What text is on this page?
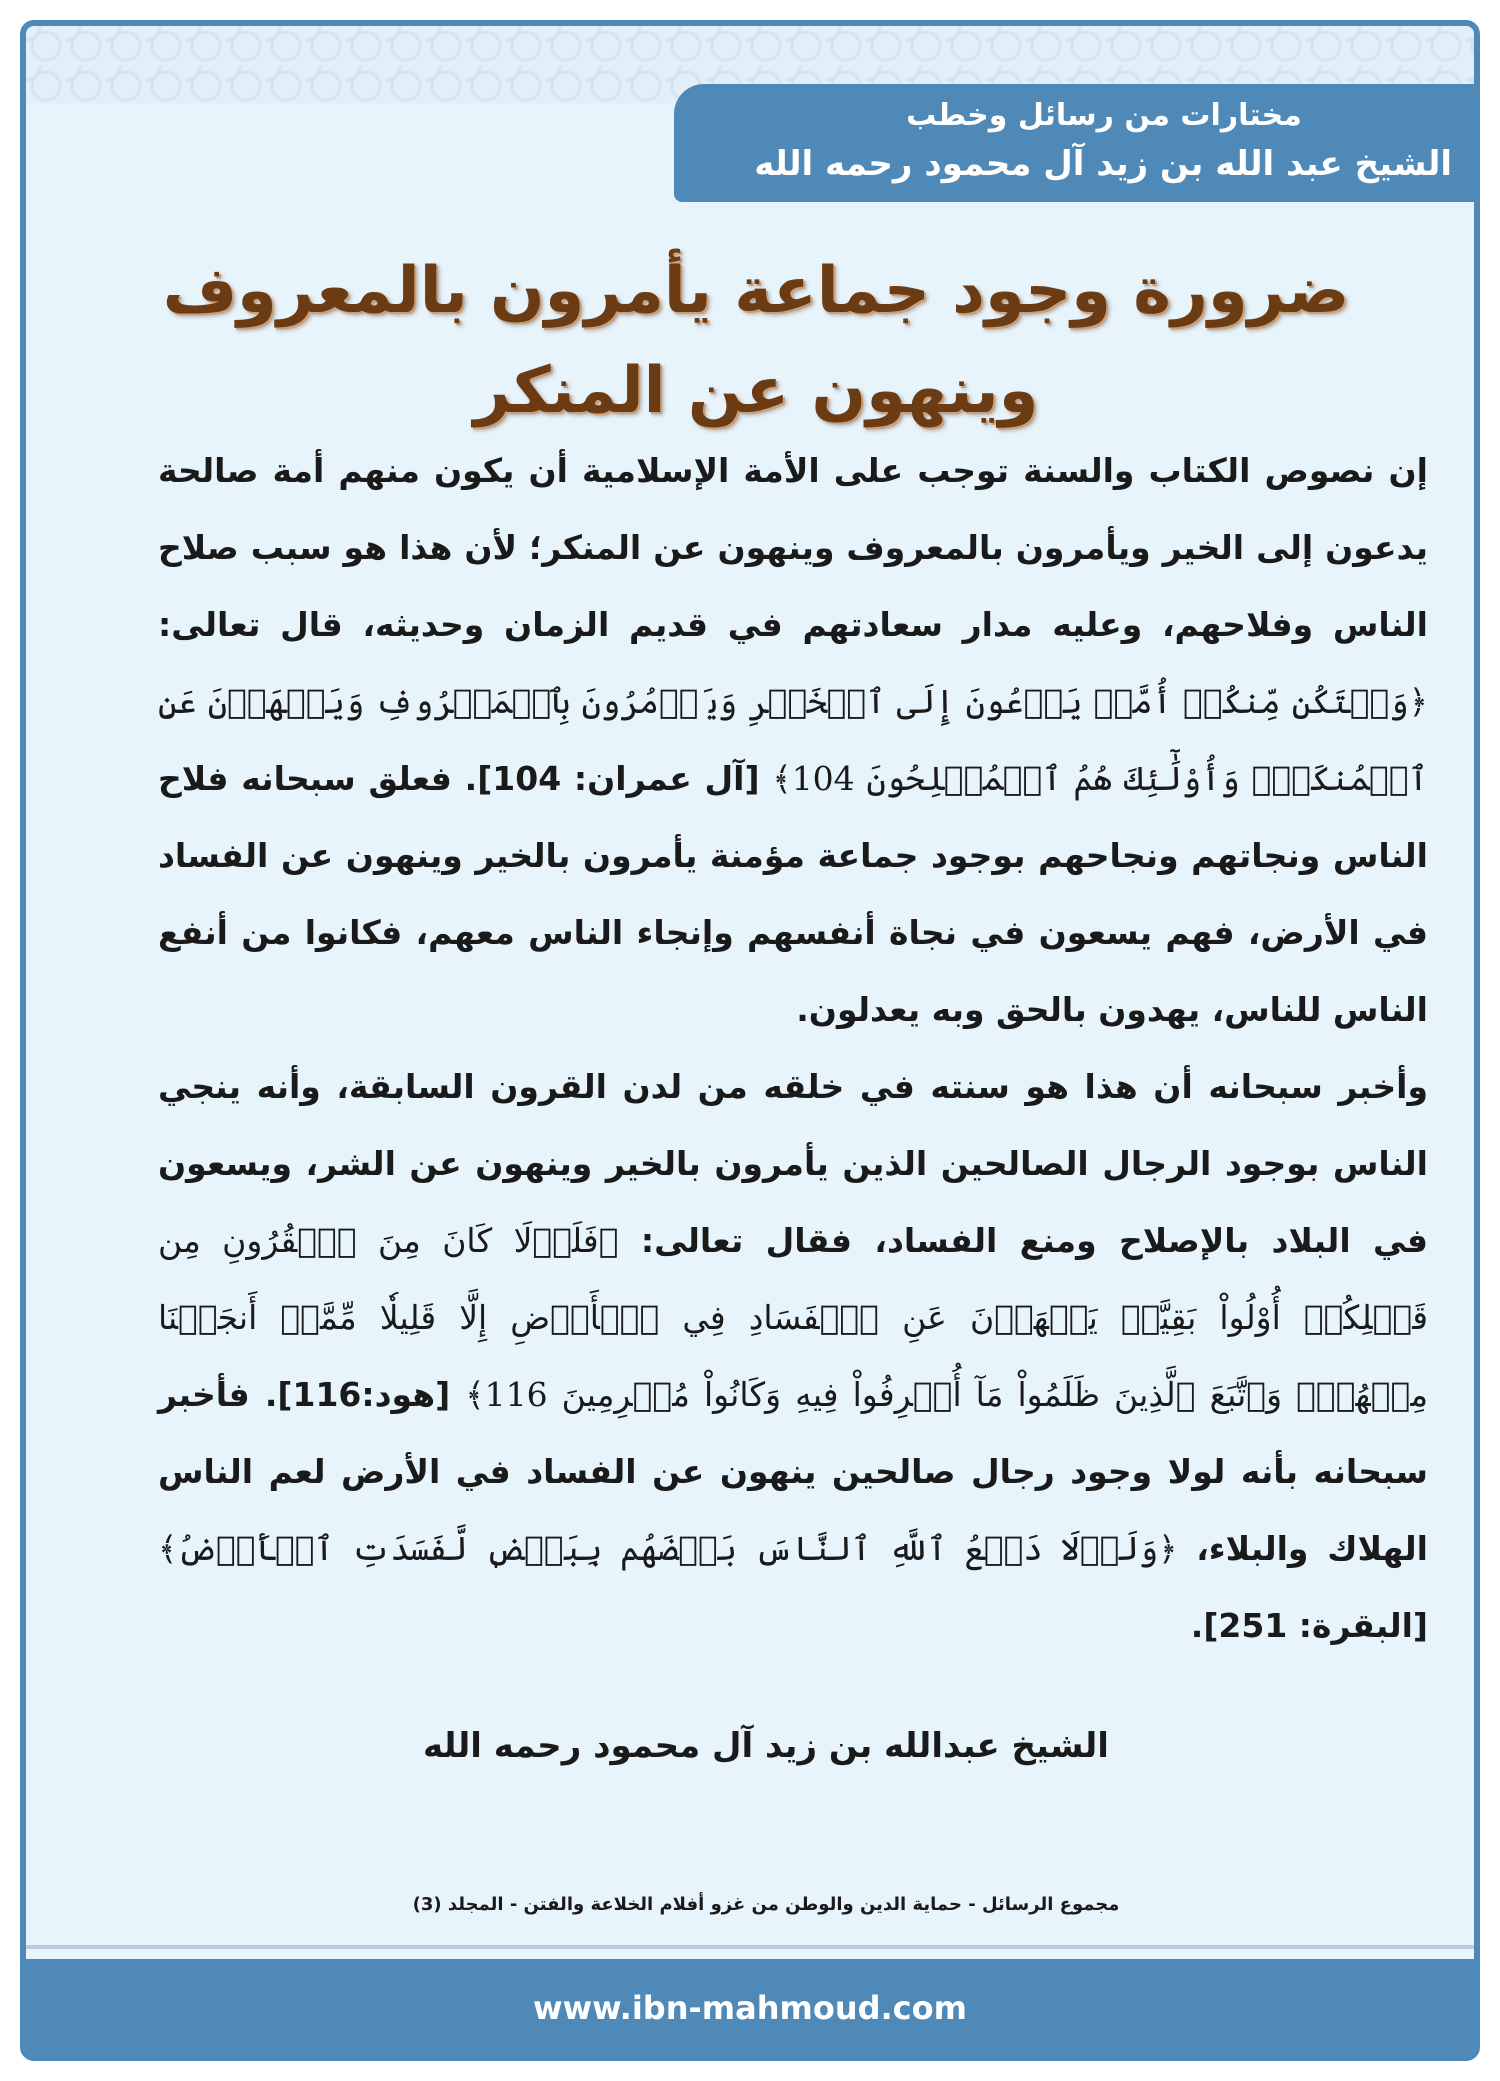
مختارات من رسائل وخطب
الشيخ عبد الله بن زيد آل محمود رحمه الله
ضرورة وجود جماعة يأمرون بالمعروف وينهون عن المنكر

إن نصوص الكتاب والسنة توجب على الأمة الإسلامية أن يكون منهم أمة صالحة يدعون إلى الخير ويأمرون بالمعروف وينهون عن المنكر؛ لأن هذا هو سبب صلاح الناس وفلاحهم، وعليه مدار سعادتهم في قديم الزمان وحديثه، قال تعالى: ﴿وَلۡتَكُن مِّنكُمۡ أُمَّةٞ يَدۡعُونَ إِلَى ٱلۡخَيۡرِ وَيَأۡمُرُونَ بِٱلۡمَعۡرُوفِ وَيَنۡهَوۡنَ عَنِ ٱلۡمُنكَرِۚ وَأُوْلَٰٓئِكَ هُمُ ٱلۡمُفۡلِحُونَ 104﴾ [آل عمران: 104]. فعلق سبحانه فلاح الناس ونجاتهم ونجاحهم بوجود جماعة مؤمنة يأمرون بالخير وينهون عن الفساد في الأرض، فهم يسعون في نجاة أنفسهم وإنجاء الناس معهم، فكانوا من أنفع الناس للناس، يهدون بالحق وبه يعدلون.

وأخبر سبحانه أن هذا هو سنته في خلقه من لدن القرون السابقة، وأنه ينجي الناس بوجود الرجال الصالحين الذين يأمرون بالخير وينهون عن الشر، ويسعون في البلاد بالإصلاح ومنع الفساد، فقال تعالى: ﴿فَلَوۡلَا كَانَ مِنَ ٱلۡقُرُونِ مِن قَبۡلِكُمۡ أُوْلُواْ بَقِيَّةٖ يَنۡهَوۡنَ عَنِ ٱلۡفَسَادِ فِي ٱلۡأَرۡضِ إِلَّا قَلِيلٗا مِّمَّنۡ أَنجَيۡنَا مِنۡهُمۡۗ وَٱتَّبَعَ ٱلَّذِينَ ظَلَمُواْ مَآ أُتۡرِفُواْ فِيهِ وَكَانُواْ مُجۡرِمِينَ 116﴾ [هود:116]. فأخبر سبحانه بأنه لولا وجود رجال صالحين ينهون عن الفساد في الأرض لعم الناس الهلاك والبلاء، ﴿وَلَوۡلَا دَفۡعُ ٱللَّهِ ٱلنَّاسَ بَعۡضَهُم بِبَعۡضٖ لَّفَسَدَتِ ٱلۡأَرۡضُ﴾ [البقرة: 251].

الشيخ عبدالله بن زيد آل محمود رحمه الله
مجموع الرسائل - حماية الدين والوطن من غزو أفلام الخلاعة والفتن - المجلد (3)
www.ibn-mahmoud.com
